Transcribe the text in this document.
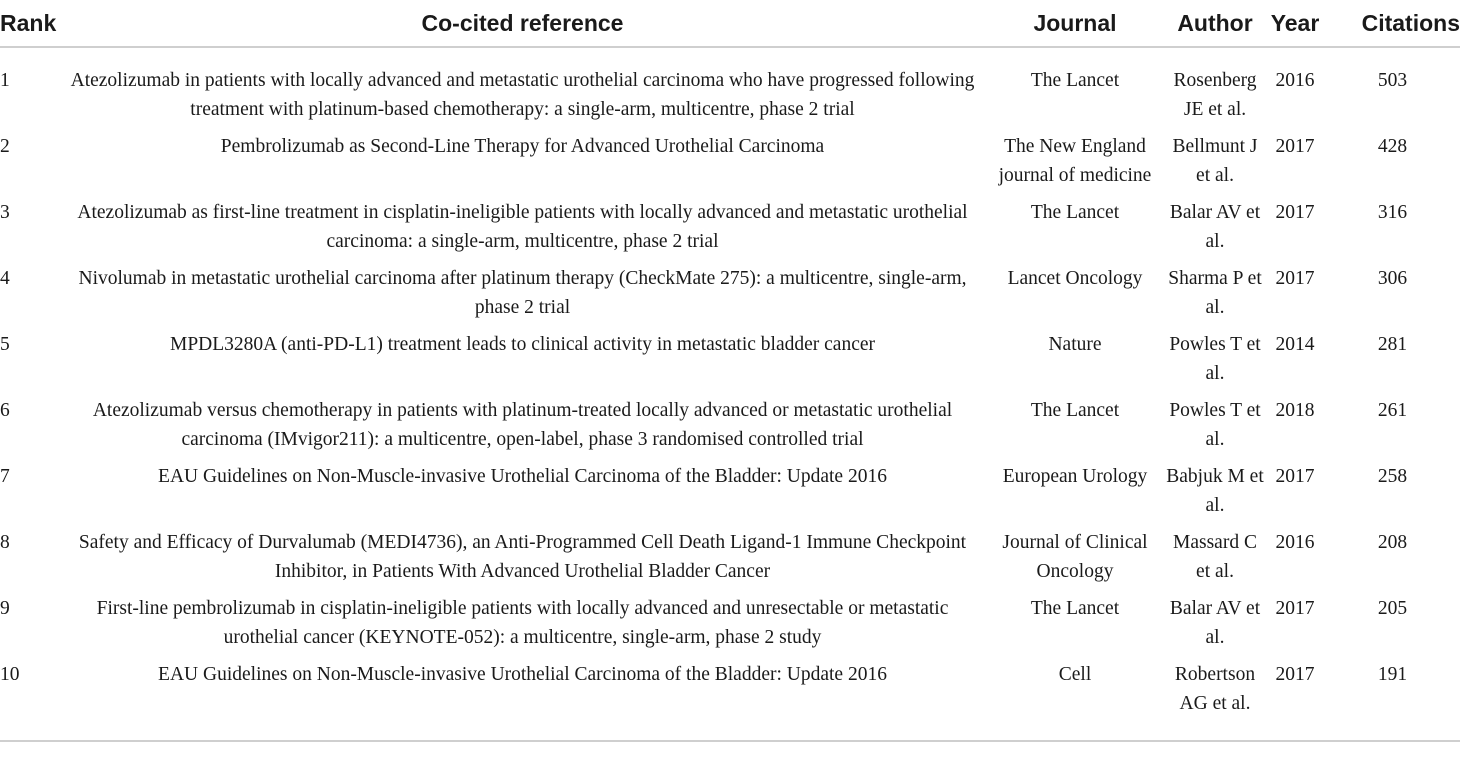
Rank	Co-cited reference	Journal	Author	Year	Citations
1	Atezolizumab in patients with locally advanced and metastatic urothelial carcinoma who have progressed following treatment with platinum-based chemotherapy: a single-arm, multicentre, phase 2 trial	The Lancet	Rosenberg JE et al.	2016	503
2	Pembrolizumab as Second-Line Therapy for Advanced Urothelial Carcinoma	The New England journal of medicine	Bellmunt J et al.	2017	428
3	Atezolizumab as first-line treatment in cisplatin-ineligible patients with locally advanced and metastatic urothelial carcinoma: a single-arm, multicentre, phase 2 trial	The Lancet	Balar AV et al.	2017	316
4	Nivolumab in metastatic urothelial carcinoma after platinum therapy (CheckMate 275): a multicentre, single-arm, phase 2 trial	Lancet Oncology	Sharma P et al.	2017	306
5	MPDL3280A (anti-PD-L1) treatment leads to clinical activity in metastatic bladder cancer	Nature	Powles T et al.	2014	281
6	Atezolizumab versus chemotherapy in patients with platinum-treated locally advanced or metastatic urothelial carcinoma (IMvigor211): a multicentre, open-label, phase 3 randomised controlled trial	The Lancet	Powles T et al.	2018	261
7	EAU Guidelines on Non-Muscle-invasive Urothelial Carcinoma of the Bladder: Update 2016	European Urology	Babjuk M et al.	2017	258
8	Safety and Efficacy of Durvalumab (MEDI4736), an Anti-Programmed Cell Death Ligand-1 Immune Checkpoint Inhibitor, in Patients With Advanced Urothelial Bladder Cancer	Journal of Clinical Oncology	Massard C et al.	2016	208
9	First-line pembrolizumab in cisplatin-ineligible patients with locally advanced and unresectable or metastatic urothelial cancer (KEYNOTE-052): a multicentre, single-arm, phase 2 study	The Lancet	Balar AV et al.	2017	205
10	EAU Guidelines on Non-Muscle-invasive Urothelial Carcinoma of the Bladder: Update 2016	Cell	Robertson AG et al.	2017	191
